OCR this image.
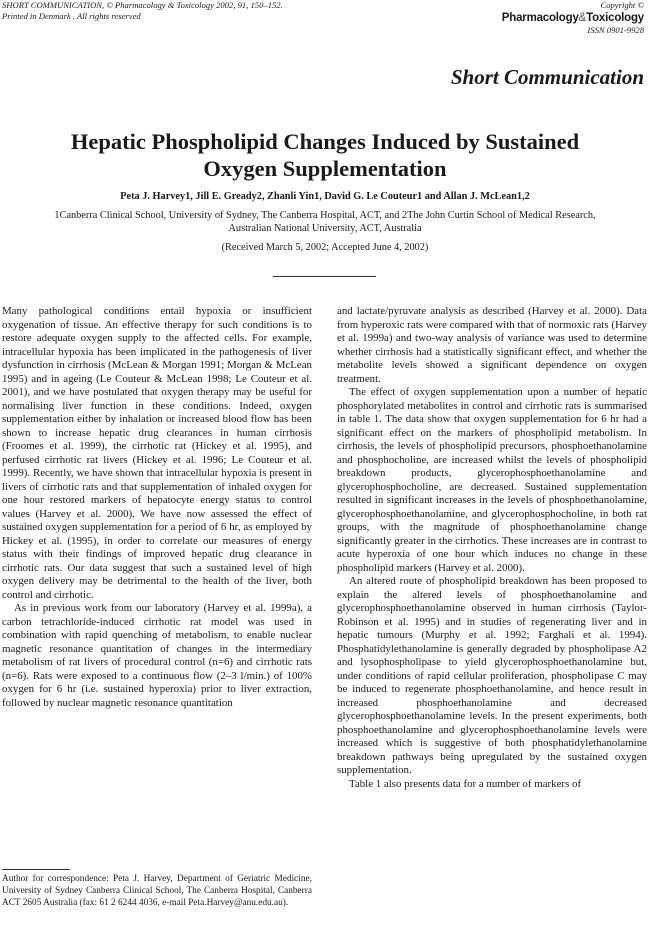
SHORT COMMUNICATION, © Pharmacology & Toxicology 2002, 91, 150–152.
Printed in Denmark . All rights reserved
Copyright ©
Pharmacology&Toxicology
ISSN 0901-9928
Short Communication
Hepatic Phospholipid Changes Induced by Sustained Oxygen Supplementation
Peta J. Harvey1, Jill E. Gready2, Zhanli Yin1, David G. Le Couteur1 and Allan J. McLean1,2
1Canberra Clinical School, University of Sydney, The Canberra Hospital, ACT, and 2The John Curtin School of Medical Research, Australian National University, ACT, Australia
(Received March 5, 2002; Accepted June 4, 2002)

Many pathological conditions entail hypoxia or insufficient oxygenation of tissue. An effective therapy for such conditions is to restore adequate oxygen supply to the affected cells. For example, intracellular hypoxia has been implicated in the pathogenesis of liver dysfunction in cirrhosis (McLean & Morgan 1991; Morgan & McLean 1995) and in ageing (Le Couteur & McLean 1998; Le Couteur et al. 2001), and we have postulated that oxygen therapy may be useful for normalising liver function in these conditions. Indeed, oxygen supplementation either by inhalation or increased blood flow has been shown to increase hepatic drug clearances in human cirrhosis (Froomes et al. 1999), the cirrhotic rat (Hickey et al. 1995), and perfused cirrhotic rat livers (Hickey et al. 1996; Le Couteur et al. 1999). Recently, we have shown that intracellular hypoxia is present in livers of cirrhotic rats and that supplementation of inhaled oxygen for one hour restored markers of hepatocyte energy status to control values (Harvey et al. 2000). We have now assessed the effect of sustained oxygen supplementation for a period of 6 hr, as employed by Hickey et al. (1995), in order to correlate our measures of energy status with their findings of improved hepatic drug clearance in cirrhotic rats. Our data suggest that such a sustained level of high oxygen delivery may be detrimental to the health of the liver, both control and cirrhotic.

As in previous work from our laboratory (Harvey et al. 1999a), a carbon tetrachloride-induced cirrhotic rat model was used in combination with rapid quenching of metabolism, to enable nuclear magnetic resonance quantitation of changes in the intermediary metabolism of rat livers of procedural control (n=6) and cirrhotic rats (n=6). Rats were exposed to a continuous flow (2–3 l/min.) of 100% oxygen for 6 hr (i.e. sustained hyperoxia) prior to liver extraction, followed by nuclear magnetic resonance quantitation

and lactate/pyruvate analysis as described (Harvey et al. 2000). Data from hyperoxic rats were compared with that of normoxic rats (Harvey et al. 1999a) and two-way analysis of variance was used to determine whether cirrhosis had a statistically significant effect, and whether the metabolite levels showed a significant dependence on oxygen treatment.

The effect of oxygen supplementation upon a number of hepatic phosphorylated metabolites in control and cirrhotic rats is summarised in table 1. The data show that oxygen supplementation for 6 hr had a significant effect on the markers of phospholipid metabolism. In cirrhosis, the levels of phospholipid precursors, phosphoethanolamine and phosphocholine, are increased whilst the levels of phospholipid breakdown products, glycerophosphoethanolamine and glycerophosphocholine, are decreased. Sustained supplementation resulted in significant increases in the levels of phosphoethanolamine, glycerophosphoethanolamine, and glycerophosphocholine, in both rat groups, with the magnitude of phosphoethanolamine change significantly greater in the cirrhotics. These increases are in contrast to acute hyperoxia of one hour which induces no change in these phospholipid markers (Harvey et al. 2000).

An altered route of phospholipid breakdown has been proposed to explain the altered levels of phosphoethanolamine and glycerophosphoethanolamine observed in human cirrhosis (Taylor-Robinson et al. 1995) and in studies of regenerating liver and in hepatic tumours (Murphy et al. 1992; Farghali et al. 1994). Phosphatidylethanolamine is generally degraded by phospholipase A2 and lysophospholipase to yield glycerophosphoethanolamine but, under conditions of rapid cellular proliferation, phospholipase C may be induced to regenerate phosphoethanolamine, and hence result in increased phosphoethanolamine and decreased glycerophosphoethanolamine levels. In the present experiments, both phosphoethanolamine and glycerophosphoethanolamine levels were increased which is suggestive of both phosphatidylethanolamine breakdown pathways being upregulated by the sustained oxygen supplementation.

Table 1 also presents data for a number of markers of

Author for correspondence: Peta J. Harvey, Department of Geriatric Medicine, University of Sydney Canberra Clinical School, The Canberra Hospital, Canberra ACT 2605 Australia (fax: 61 2 6244 4036, e-mail Peta.Harvey@anu.edu.au).
